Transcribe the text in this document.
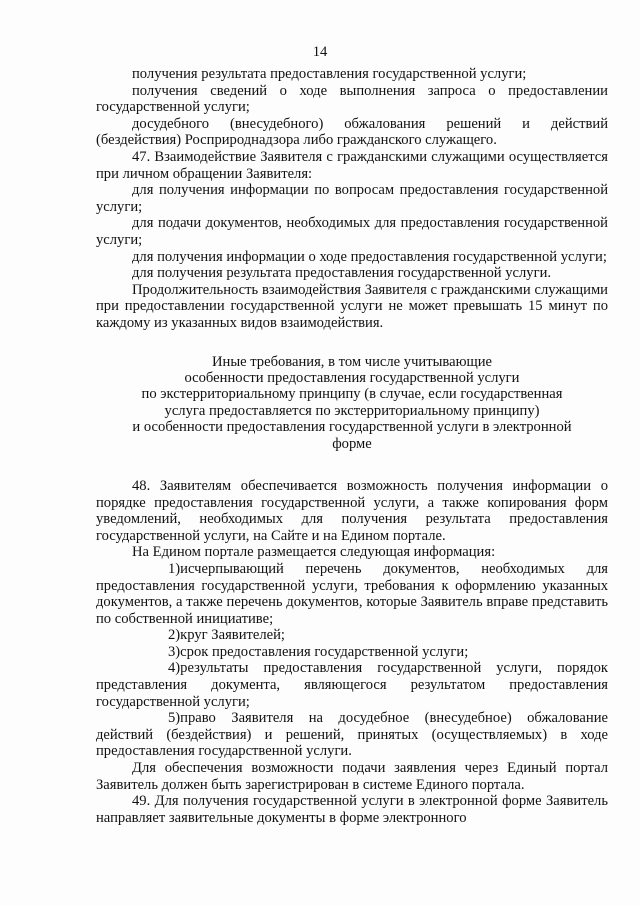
14

получения результата предоставления государственной услуги;

получения сведений о ходе выполнения запроса о предоставлении государственной услуги;

досудебного (внесудебного) обжалования решений и действий (бездействия) Росприроднадзора либо гражданского служащего.

47. Взаимодействие Заявителя с гражданскими служащими осуществляется при личном обращении Заявителя:

для получения информации по вопросам предоставления государственной услуги;

для подачи документов, необходимых для предоставления государственной услуги;

для получения информации о ходе предоставления государственной услуги;

для получения результата предоставления государственной услуги.

Продолжительность взаимодействия Заявителя с гражданскими служащими при предоставлении государственной услуги не может превышать 15 минут по каждому из указанных видов взаимодействия.

Иные требования, в том числе учитывающие
особенности предоставления государственной услуги
по экстерриториальному принципу (в случае, если государственная
услуга предоставляется по экстерриториальному принципу)
и особенности предоставления государственной услуги в электронной
форме

48. Заявителям обеспечивается возможность получения информации о порядке предоставления государственной услуги, а также копирования форм уведомлений, необходимых для получения результата предоставления государственной услуги, на Сайте и на Едином портале.

На Едином портале размещается следующая информация:

1)исчерпывающий перечень документов, необходимых для предоставления государственной услуги, требования к оформлению указанных документов, а также перечень документов, которые Заявитель вправе представить по собственной инициативе;

2)круг Заявителей;

3)срок предоставления государственной услуги;

4)результаты предоставления государственной услуги, порядок представления документа, являющегося результатом предоставления государственной услуги;

5)право Заявителя на досудебное (внесудебное) обжалование действий (бездействия) и решений, принятых (осуществляемых) в ходе предоставления государственной услуги.

Для обеспечения возможности подачи заявления через Единый портал Заявитель должен быть зарегистрирован в системе Единого портала.

49. Для получения государственной услуги в электронной форме Заявитель направляет заявительные документы в форме электронного
